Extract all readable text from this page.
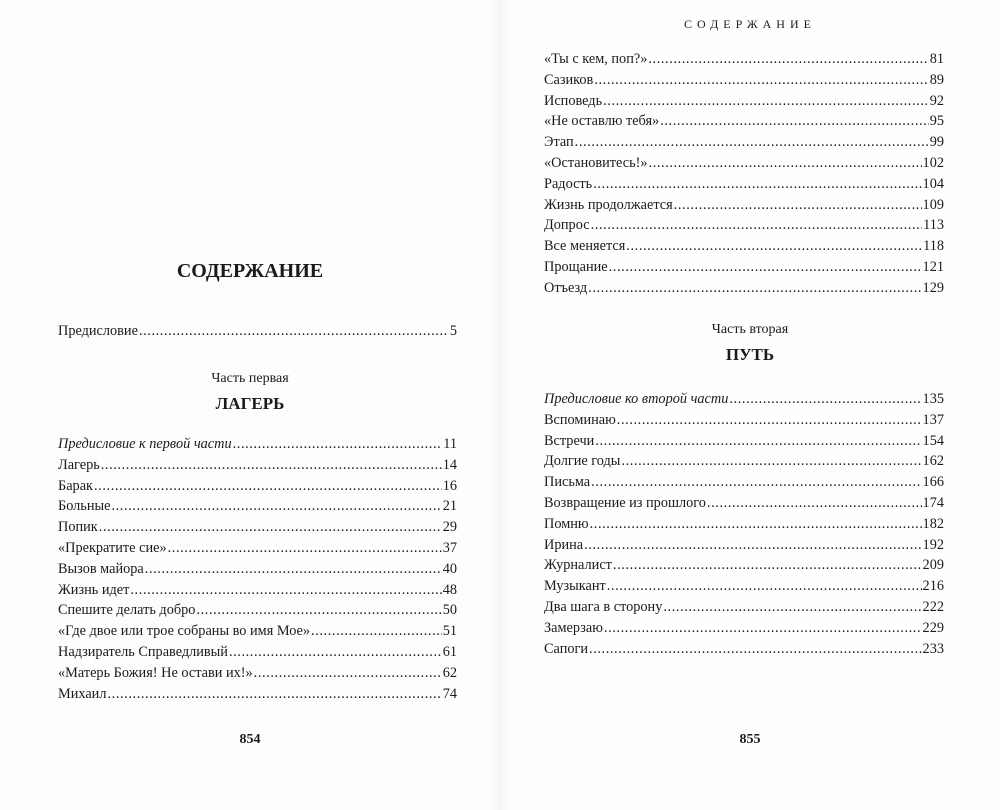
СОДЕРЖАНИЕ
Предисловие .....	5
Часть первая
ЛАГЕРЬ
Предисловие к первой части .....	11
Лагерь .....	14
Барак .....	16
Больные .....	21
Попик .....	29
«Прекратите сие» .....	37
Вызов майора .....	40
Жизнь идет .....	48
Спешите делать добро .....	50
«Где двое или трое собраны во имя Мое» .....	51
Надзиратель Справедливый .....	61
«Матерь Божия! Не остави их!» .....	62
Михаил .....	74
854
СОДЕРЖАНИЕ
«Ты с кем, поп?» .....	81
Сазиков .....	89
Исповедь .....	92
«Не оставлю тебя» .....	95
Этап .....	99
«Остановитесь!» .....	102
Радость .....	104
Жизнь продолжается .....	109
Допрос .....	113
Все меняется .....	118
Прощание .....	121
Отъезд .....	129
Часть вторая
ПУТЬ
Предисловие ко второй части .....	135
Вспоминаю .....	137
Встречи .....	154
Долгие годы .....	162
Письма .....	166
Возвращение из прошлого .....	174
Помню .....	182
Ирина .....	192
Журналист .....	209
Музыкант .....	216
Два шага в сторону .....	222
Замерзаю .....	229
Сапоги .....	233
855
